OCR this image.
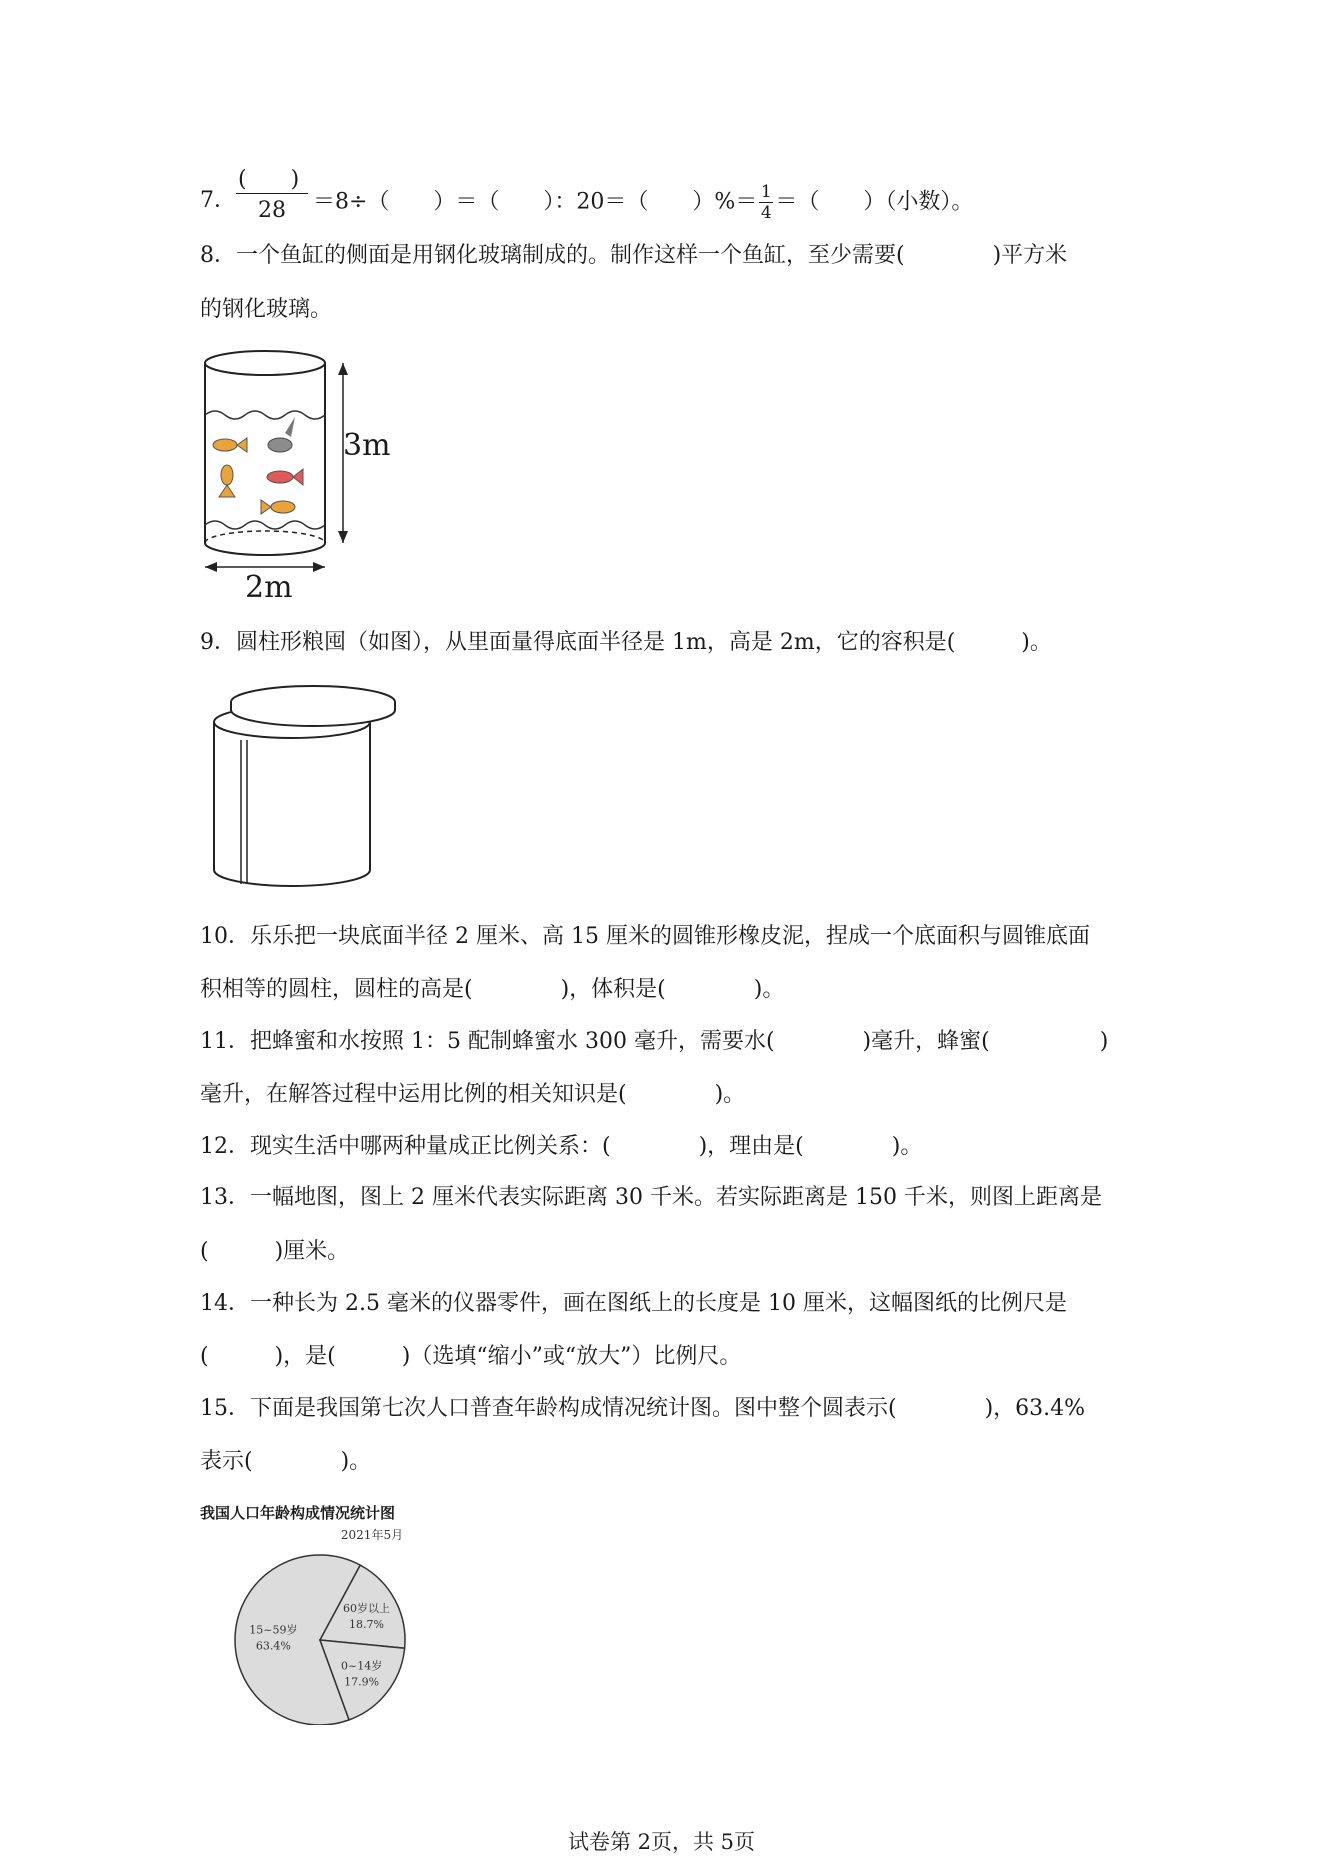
7．
(　　)
28 ＝8÷（　　）＝（　　）：20＝（　　）%＝ $\frac{1}{4}$ ＝（　　）（小数）。
8．一个鱼缸的侧面是用钢化玻璃制成的。制作这样一个鱼缸，至少需要(　　　　)平方米
的钢化玻璃。
3m
2m
9．圆柱形粮囤（如图），从里面量得底面半径是 1m，高是 2m，它的容积是(　　　)。
10．乐乐把一块底面半径 2 厘米、高 15 厘米的圆锥形橡皮泥，捏成一个底面积与圆锥底面
积相等的圆柱，圆柱的高是(　　　　)，体积是(　　　　)。
11．把蜂蜜和水按照 1：5 配制蜂蜜水 300 毫升，需要水(　　　　)毫升，蜂蜜(　　　　　)
毫升，在解答过程中运用比例的相关知识是(　　　　)。
12．现实生活中哪两种量成正比例关系：(　　　　)，理由是(　　　　)。
13．一幅地图，图上 2 厘米代表实际距离 30 千米。若实际距离是 150 千米，则图上距离是
(　　　)厘米。
14．一种长为 2.5 毫米的仪器零件，画在图纸上的长度是 10 厘米，这幅图纸的比例尺是
(　　　)，是(　　　)（选填“缩小”或“放大”）比例尺。
15．下面是我国第七次人口普查年龄构成情况统计图。图中整个圆表示(　　　　)，63.4%
表示(　　　　)。
我国人口年龄构成情况统计图
2021年5月
15~59岁
63.4%
60岁以上
18.7%
0~14岁
17.9%
试卷第 2页，共 5页
